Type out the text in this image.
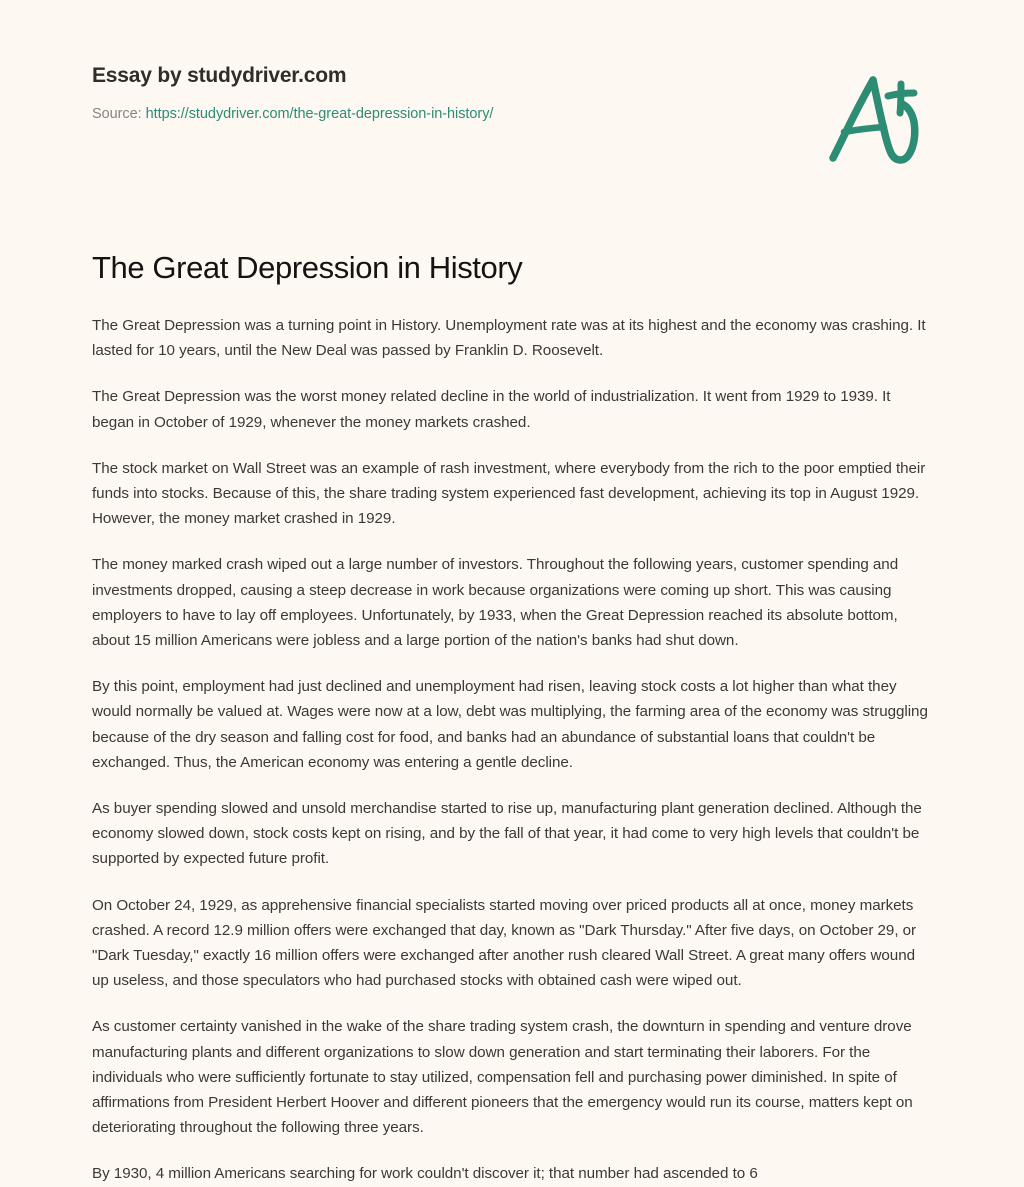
Essay by studydriver.com
Source: https://studydriver.com/the-great-depression-in-history/
The Great Depression in History

The Great Depression was a turning point in History. Unemployment rate was at its highest and the economy was crashing. It lasted for 10 years, until the New Deal was passed by Franklin D. Roosevelt.

The Great Depression was the worst money related decline in the world of industrialization. It went from 1929 to 1939. It began in October of 1929, whenever the money markets crashed.

The stock market on Wall Street was an example of rash investment, where everybody from the rich to the poor emptied their funds into stocks. Because of this, the share trading system experienced fast development, achieving its top in August 1929. However, the money market crashed in 1929.

The money marked crash wiped out a large number of investors. Throughout the following years, customer spending and investments dropped, causing a steep decrease in work because organizations were coming up short. This was causing employers to have to lay off employees. Unfortunately, by 1933, when the Great Depression reached its absolute bottom, about 15 million Americans were jobless and a large portion of the nation's banks had shut down.

By this point, employment had just declined and unemployment had risen, leaving stock costs a lot higher than what they would normally be valued at. Wages were now at a low, debt was multiplying, the farming area of the economy was struggling because of the dry season and falling cost for food, and banks had an abundance of substantial loans that couldn't be exchanged. Thus, the American economy was entering a gentle decline.

As buyer spending slowed and unsold merchandise started to rise up, manufacturing plant generation declined. Although the economy slowed down, stock costs kept on rising, and by the fall of that year, it had come to very high levels that couldn't be supported by expected future profit.

On October 24, 1929, as apprehensive financial specialists started moving over priced products all at once, money markets crashed. A record 12.9 million offers were exchanged that day, known as "Dark Thursday." After five days, on October 29, or "Dark Tuesday," exactly 16 million offers were exchanged after another rush cleared Wall Street. A great many offers wound up useless, and those speculators who had purchased stocks with obtained cash were wiped out.

As customer certainty vanished in the wake of the share trading system crash, the downturn in spending and venture drove manufacturing plants and different organizations to slow down generation and start terminating their laborers. For the individuals who were sufficiently fortunate to stay utilized, compensation fell and purchasing power diminished. In spite of affirmations from President Herbert Hoover and different pioneers that the emergency would run its course, matters kept on deteriorating throughout the following three years.

By 1930, 4 million Americans searching for work couldn't discover it; that number had ascended to 6
